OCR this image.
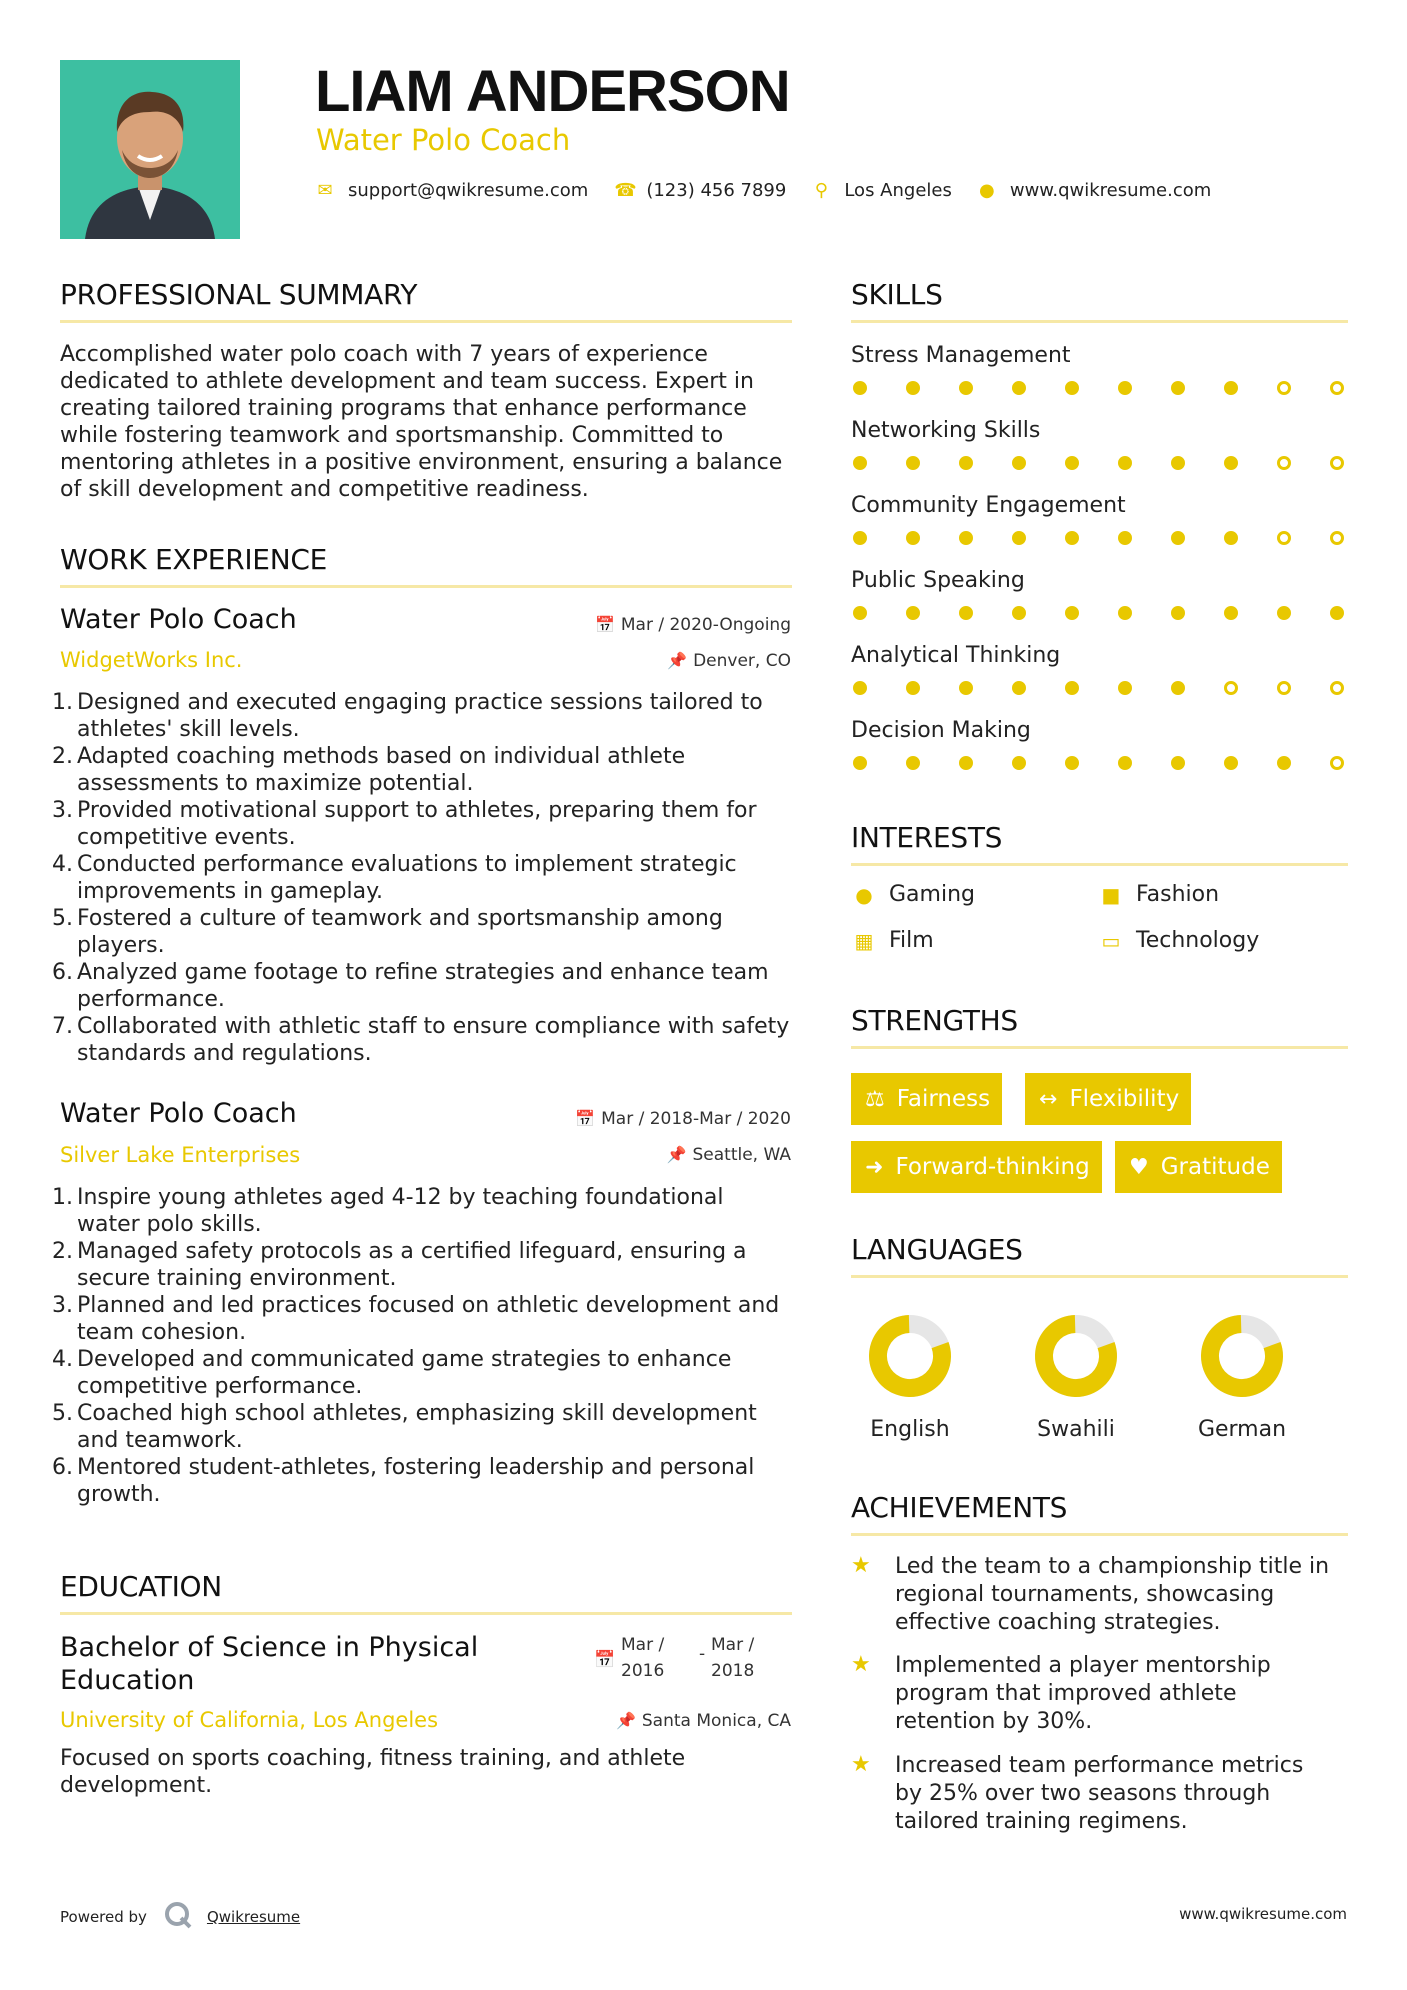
LIAM ANDERSON
Water Polo Coach
✉ support@qwikresume.com ☎ (123) 456 7899 ⚲ Los Angeles ● www.qwikresume.com
PROFESSIONAL SUMMARY
Accomplished water polo coach with 7 years of experience dedicated to athlete development and team success. Expert in creating tailored training programs that enhance performance while fostering teamwork and sportsmanship. Committed to mentoring athletes in a positive environment, ensuring a balance of skill development and competitive readiness.
WORK EXPERIENCE
Water Polo Coach	📅 Mar / 2020-Ongoing
WidgetWorks Inc.	📌 Denver, CO
1. Designed and executed engaging practice sessions tailored to athletes' skill levels.
2. Adapted coaching methods based on individual athlete assessments to maximize potential.
3. Provided motivational support to athletes, preparing them for competitive events.
4. Conducted performance evaluations to implement strategic improvements in gameplay.
5. Fostered a culture of teamwork and sportsmanship among players.
6. Analyzed game footage to refine strategies and enhance team performance.
7. Collaborated with athletic staff to ensure compliance with safety standards and regulations.
Water Polo Coach	📅 Mar / 2018-Mar / 2020
Silver Lake Enterprises	📌 Seattle, WA
1. Inspire young athletes aged 4-12 by teaching foundational water polo skills.
2. Managed safety protocols as a certified lifeguard, ensuring a secure training environment.
3. Planned and led practices focused on athletic development and team cohesion.
4. Developed and communicated game strategies to enhance competitive performance.
5. Coached high school athletes, emphasizing skill development and teamwork.
6. Mentored student-athletes, fostering leadership and personal growth.
EDUCATION
Bachelor of Science in Physical Education
📅
Mar /
2016
- Mar /
2018
University of California, Los Angeles	📌 Santa Monica, CA
Focused on sports coaching, fitness training, and athlete development.
SKILLS
Stress Management
Networking Skills
Community Engagement
Public Speaking
Analytical Thinking
Decision Making
INTERESTS
● Gaming	■ Fashion
▦ Film	▭ Technology
STRENGTHS
⚖ Fairness ↔ Flexibility
➜ Forward-thinking ♥ Gratitude
LANGUAGES
English	Swahili	German
ACHIEVEMENTS
★	Led the team to a championship title in regional tournaments, showcasing effective coaching strategies.
★	Implemented a player mentorship program that improved athlete retention by 30%.
★	Increased team performance metrics by 25% over two seasons through tailored training regimens.
Powered by	Qwikresume	www.qwikresume.com
